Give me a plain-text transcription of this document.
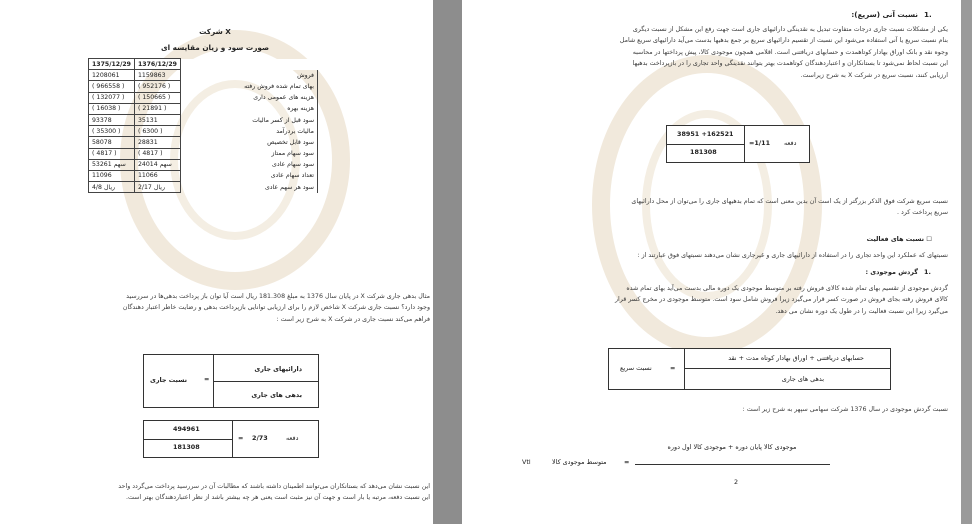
شرکت X
صورت سود و زیان مقایسه ای
1375/12/29	1376/12/29	
1208061	1159863	فروش
( 966558 )	( 952176 )	بهای تمام شده فروش رفته
( 132077 )	( 150665 )	هزینه های عمومی داری
( 16038 )	( 21891 )	هزینه بهره
93378	35131	سود قبل از کسر مالیات
( 35300 )	( 6300 )	مالیات بردرآمد
58078	28831	سود قابل تخصیص
( 4817 )	( 4817 )	سود سهام ممتاز
53261 سهم	24014 سهم	سود سهام عادی
11096	11066	تعداد سهام عادی
4/8 ریال	2/17 ریال	سود هر سهم عادی
مثال بدهی جاری شرکت X در پایان سال 1376 به مبلغ 181.308 ریال است آیا توان باز پرداخت بدهی‌ها در سررسید
وجود دارد؟ نسبت جاری شرکت X شاخص لازم را برای ارزیابی توانایی بازپرداخت بدهی و رضایت خاطر اعتبار دهندگان
فراهم می‌کند نسبت جاری در شرکت X به شرح زیر است :
نسبت جاری	=
دارائیهای جاری
بدهی های جاری
494961
181308
= 2/73	دفعه
این نسبت نشان می‌دهد که بستانکاران می‌توانند اطمینان داشته باشند که مطالبات آن در سررسید پرداخت می‌گردد واحد
این نسبت دفعه، مرتبه یا بار است و جهت آن نیز مثبت است یعنی هر چه بیشتر باشد از نظر اعتباردهندگان بهتر است.
1.
نسبت آنی (سریع):
یکی از مشکلات نسبت جاری درجات متفاوت تبدیل به نقدینگی دارائیهای جاری است جهت رفع این مشکل از نسبت دیگری
بنام نسبت سریع یا آنی استفاده می‌شود این نسبت از تقسیم دارائیهای سریع بر جمع بدهیها بدست می‌آید دارائیهای سریع شامل
وجوه نقد و بانک اوراق بهادار کوتاهمدت و حسابهای دریافتنی است. اقلامی همچون موجودی کالا، پیش پرداختها در محاسبه
این نسبت لحاظ نمی‌شود تا بستانکاران و اعتباردهندگان کوتاهمدت بهتر بتوانند نقدینگی واحد تجاری را در بازپرداخت بدهیها
ارزیابی کنند، نسبت سریع در شرکت X به شرح زیراست.
38951 +162521
181308
=1/11 دفعه
نسبت سریع شرکت فوق الذکر بزرگتر از یک است آن بدین معنی است که تمام بدهیهای جاری را می‌توان از محل دارائیهای
سریع پرداخت کرد .
☐ نسبت های فعالیت
نسبتهای که عملکرد این واحد تجاری را در استفاده از دارائیهای جاری و غیرجاری نشان می‌دهند نسبتهای فوق عبارتند از :
1.
گردش موجودی :
گردش موجودی از تقسیم بهای تمام شده کالای فروش رفته بر متوسط موجودی یک دوره مالی بدست می‌آید بهای تمام شده
کالای فروش رفته بجای فروش در صورت کسر قرار می‌گیرد زیرا فروش شامل سود است. متوسط موجودی در مخرج کسر قرار
می‌گیرد زیرا این نسبت فعالیت را در طول یک دوره نشان می دهد.
نسبت سریع	=
حسابهای دریافتنی + اوراق بهادار کوتاه مدت + نقد
بدهی های جاری
نسبت گردش موجودی در سال 1376 شرکت سهامی سپهر به شرح زیر است :
متوسط موجودی کالا	=
Vtl
موجودی کالا پایان دوره + موجودی کالا اول دوره
2
